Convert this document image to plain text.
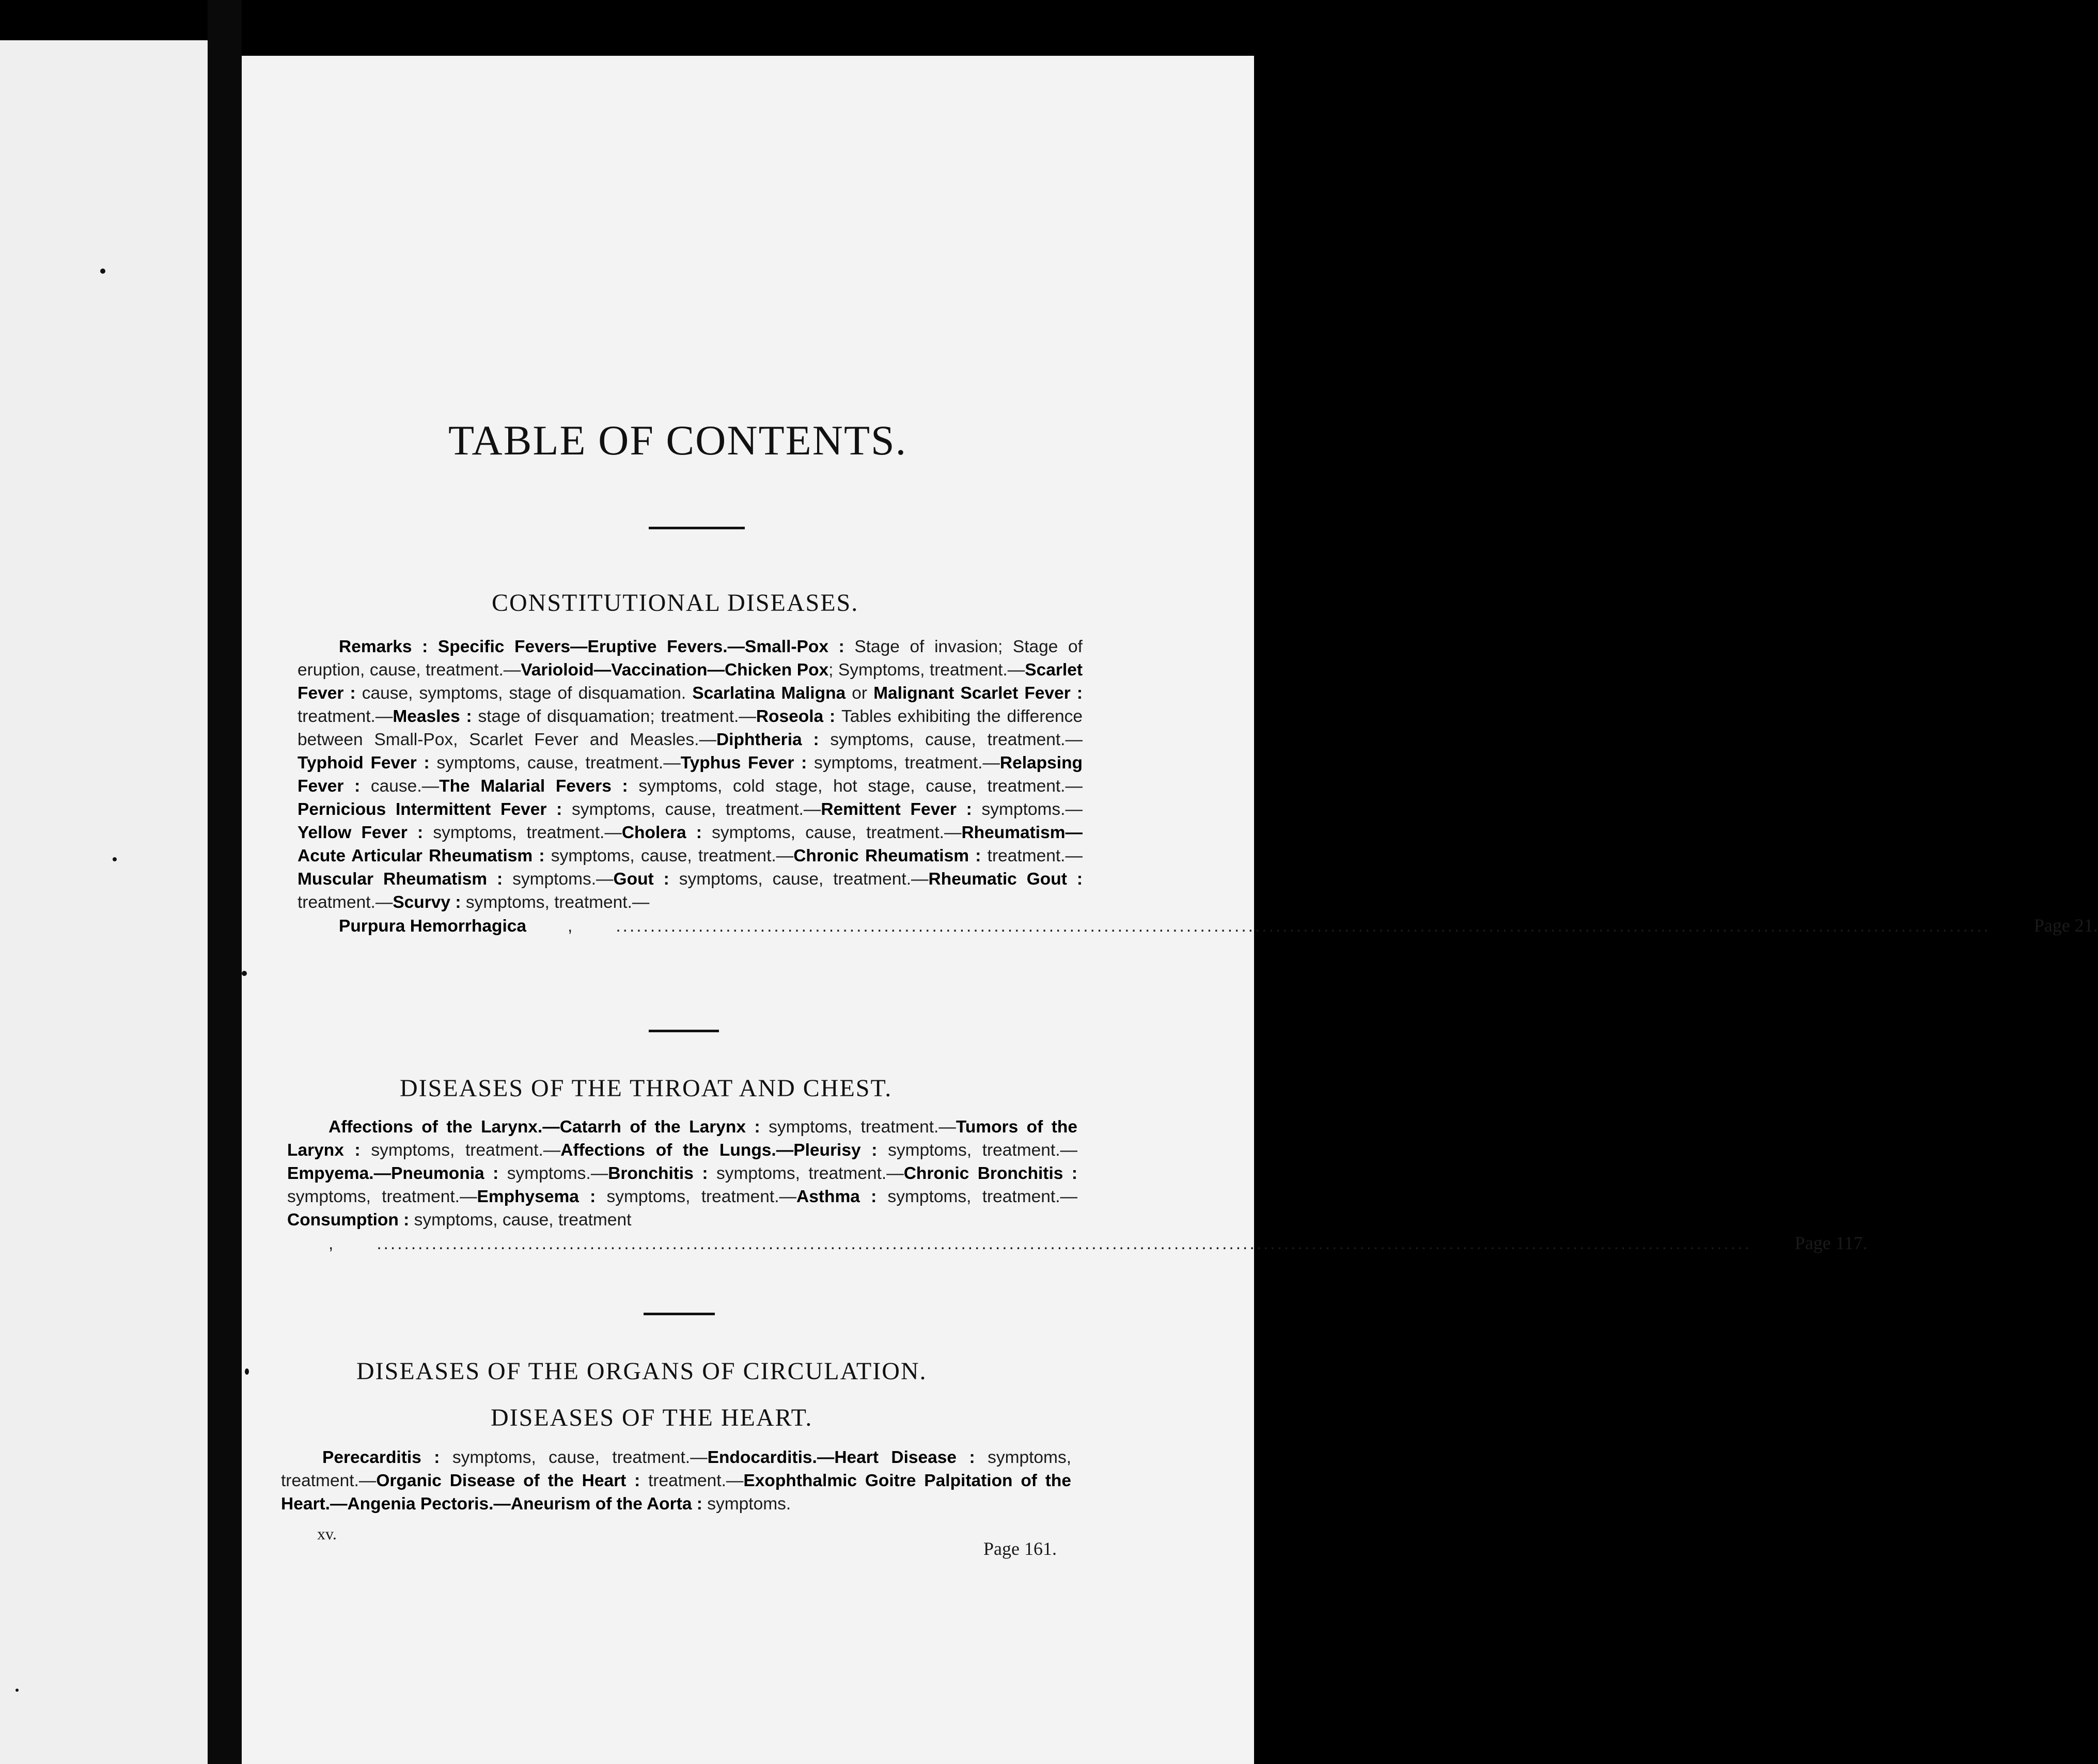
TABLE OF CONTENTS.
CONSTITUTIONAL DISEASES.
Remarks : Specific Fevers—Eruptive Fevers.—Small-Pox : Stage of invasion; Stage of eruption, cause, treatment.—Varioloid—Vaccination—Chicken Pox; Symptoms, treatment.—Scarlet Fever : cause, symptoms, stage of disquamation. Scarlatina Maligna or Malignant Scarlet Fever : treatment.—Measles : stage of disquamation; treatment.—Roseola : Tables exhibiting the difference between Small-Pox, Scarlet Fever and Measles.—Diphtheria : symptoms, cause, treatment.—Typhoid Fever : symptoms, cause, treatment.—Typhus Fever : symptoms, treatment.—Relapsing Fever : cause.—The Malarial Fevers : symptoms, cold stage, hot stage, cause, treatment.—Pernicious Intermittent Fever : symptoms, cause, treatment.—Remittent Fever : symptoms.—Yellow Fever : symptoms, treatment.—Cholera : symptoms, cause, treatment.—Rheumatism—Acute Articular Rheumatism : symptoms, cause, treatment.—Chronic Rheumatism : treatment.—Muscular Rheumatism : symptoms.—Gout : symptoms, cause, treatment.—Rheumatic Gout : treatment.—Scurvy : symptoms, treatment.—
Purpura Hemorrhagica	,	........................................................................................................................................................................................................	Page 21.
DISEASES OF THE THROAT AND CHEST.
Affections of the Larynx.—Catarrh of the Larynx : symptoms, treatment.—Tumors of the Larynx : symptoms, treatment.—Affections of the Lungs.—Pleurisy : symptoms, treatment.—Empyema.—Pneumonia : symptoms.—Bronchitis : symptoms, treatment.—Chronic Bronchitis : symptoms, treatment.—Emphysema : symptoms, treatment.—Asthma : symptoms, treatment.—Consumption : symptoms, cause, treatment
,	........................................................................................................................................................................................................	Page 117.
DISEASES OF THE ORGANS OF CIRCULATION.
DISEASES OF THE HEART.
Perecarditis : symptoms, cause, treatment.—Endocarditis.—Heart Disease : symptoms, treatment.—Organic Disease of the Heart : treatment.—Exophthalmic Goitre Palpitation of the Heart.—Angenia Pectoris.—Aneurism of the Aorta : symptoms.
xv.
Page 161.
